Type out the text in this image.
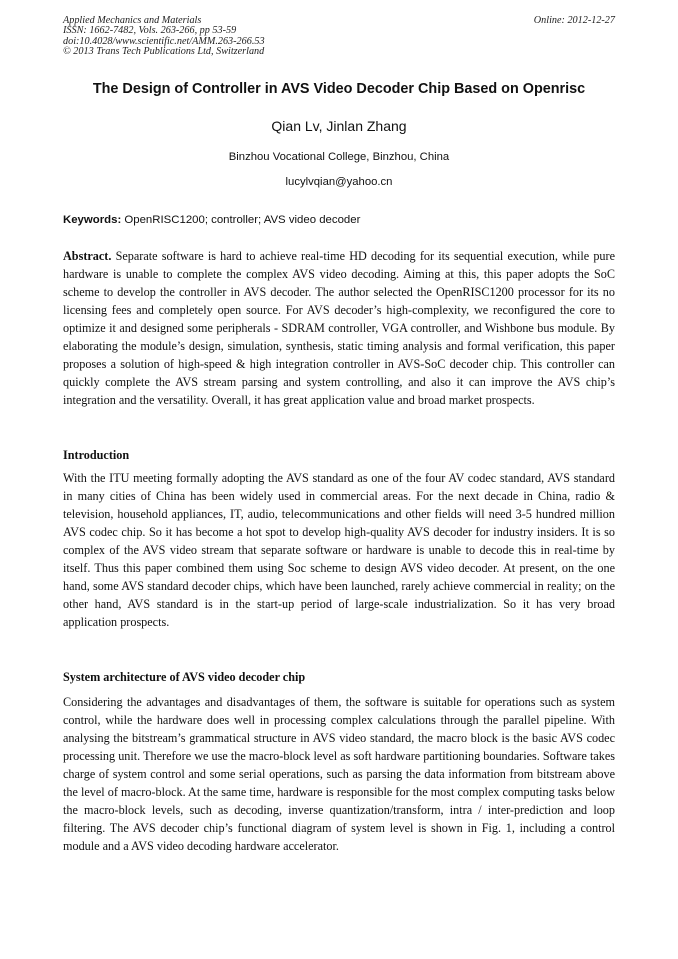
Applied Mechanics and Materials
ISSN: 1662-7482, Vols. 263-266, pp 53-59
doi:10.4028/www.scientific.net/AMM.263-266.53
© 2013 Trans Tech Publications Ltd, Switzerland
Online: 2012-12-27
The Design of Controller in AVS Video Decoder Chip Based on Openrisc
Qian Lv, Jinlan Zhang
Binzhou Vocational College, Binzhou, China
lucylvqian@yahoo.cn
Keywords: OpenRISC1200; controller; AVS video decoder
Abstract. Separate software is hard to achieve real-time HD decoding for its sequential execution, while pure hardware is unable to complete the complex AVS video decoding. Aiming at this, this paper adopts the SoC scheme to develop the controller in AVS decoder. The author selected the OpenRISC1200 processor for its no licensing fees and completely open source. For AVS decoder’s high-complexity, we reconfigured the core to optimize it and designed some peripherals - SDRAM controller, VGA controller, and Wishbone bus module. By elaborating the module’s design, simulation, synthesis, static timing analysis and formal verification, this paper proposes a solution of high-speed & high integration controller in AVS-SoC decoder chip. This controller can quickly complete the AVS stream parsing and system controlling, and also it can improve the AVS chip’s integration and the versatility. Overall, it has great application value and broad market prospects.
Introduction
With the ITU meeting formally adopting the AVS standard as one of the four AV codec standard, AVS standard in many cities of China has been widely used in commercial areas. For the next decade in China, radio & television, household appliances, IT, audio, telecommunications and other fields will need 3-5 hundred million AVS codec chip. So it has become a hot spot to develop high-quality AVS decoder for industry insiders. It is so complex of the AVS video stream that separate software or hardware is unable to decode this in real-time by itself. Thus this paper combined them using Soc scheme to design AVS video decoder. At present, on the one hand, some AVS standard decoder chips, which have been launched, rarely achieve commercial in reality; on the other hand, AVS standard is in the start-up period of large-scale industrialization. So it has very broad application prospects.
System architecture of AVS video decoder chip
Considering the advantages and disadvantages of them, the software is suitable for operations such as system control, while the hardware does well in processing complex calculations through the parallel pipeline. With analysing the bitstream’s grammatical structure in AVS video standard, the macro block is the basic AVS codec processing unit. Therefore we use the macro-block level as soft hardware partitioning boundaries. Software takes charge of system control and some serial operations, such as parsing the data information from bitstream above the level of macro-block. At the same time, hardware is responsible for the most complex computing tasks below the macro-block levels, such as decoding, inverse quantization/transform, intra / inter-prediction and loop filtering. The AVS decoder chip’s functional diagram of system level is shown in Fig. 1, including a control module and a AVS video decoding hardware accelerator.
